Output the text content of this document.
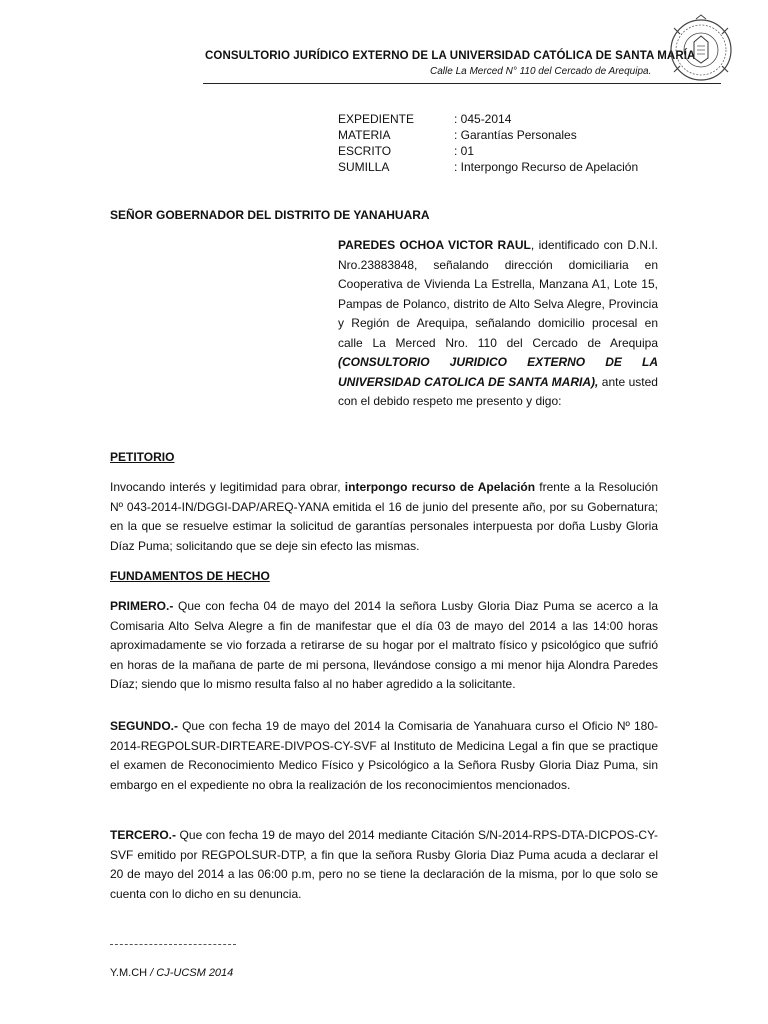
CONSULTORIO JURÍDICO EXTERNO DE LA UNIVERSIDAD CATÓLICA DE SANTA MARÍA
Calle La Merced N° 110 del Cercado de Arequipa.
EXPEDIENTE	: 045-2014
MATERIA	: Garantías Personales
ESCRITO	: 01
SUMILLA	: Interpongo Recurso de Apelación
SEÑOR GOBERNADOR DEL DISTRITO DE YANAHUARA
PAREDES OCHOA VICTOR RAUL, identificado con D.N.I. Nro.23883848, señalando dirección domiciliaria en Cooperativa de Vivienda La Estrella, Manzana A1, Lote 15, Pampas de Polanco, distrito de Alto Selva Alegre, Provincia y Región de Arequipa, señalando domicilio procesal en calle La Merced Nro. 110 del Cercado de Arequipa (CONSULTORIO JURIDICO EXTERNO DE LA UNIVERSIDAD CATOLICA DE SANTA MARIA), ante usted con el debido respeto me presento y digo:
PETITORIO
Invocando interés y legitimidad para obrar, interpongo recurso de Apelación frente a la Resolución Nº 043-2014-IN/DGGI-DAP/AREQ-YANA emitida el 16 de junio del presente año, por su Gobernatura; en la que se resuelve estimar la solicitud de garantías personales interpuesta por doña Lusby Gloria Díaz Puma; solicitando que se deje sin efecto las mismas.
FUNDAMENTOS DE HECHO
PRIMERO.- Que con fecha 04 de mayo del 2014 la señora Lusby Gloria Diaz Puma se acerco a la Comisaria Alto Selva Alegre a fin de manifestar que el día 03 de mayo del 2014 a las 14:00 horas aproximadamente se vio forzada a retirarse de su hogar por el maltrato físico y psicológico que sufrió en horas de la mañana de parte de mi persona, llevándose consigo a mi menor hija Alondra Paredes Díaz; siendo que lo mismo resulta falso al no haber agredido a la solicitante.
SEGUNDO.- Que con fecha 19 de mayo del 2014 la Comisaria de Yanahuara curso el Oficio Nº 180-2014-REGPOLSUR-DIRTEARE-DIVPOS-CY-SVF al Instituto de Medicina Legal a fin que se practique el examen de Reconocimiento Medico Físico y Psicológico a la Señora Rusby Gloria Diaz Puma, sin embargo en el expediente no obra la realización de los reconocimientos mencionados.
TERCERO.- Que con fecha 19 de mayo del 2014 mediante Citación S/N-2014-RPS-DTA-DICPOS-CY-SVF emitido por REGPOLSUR-DTP, a fin que la señora Rusby Gloria Diaz Puma acuda a declarar el 20 de mayo del 2014 a las 06:00 p.m, pero no se tiene la declaración de la misma, por lo que solo se cuenta con lo dicho en su denuncia.
Y.M.CH / CJ-UCSM 2014
